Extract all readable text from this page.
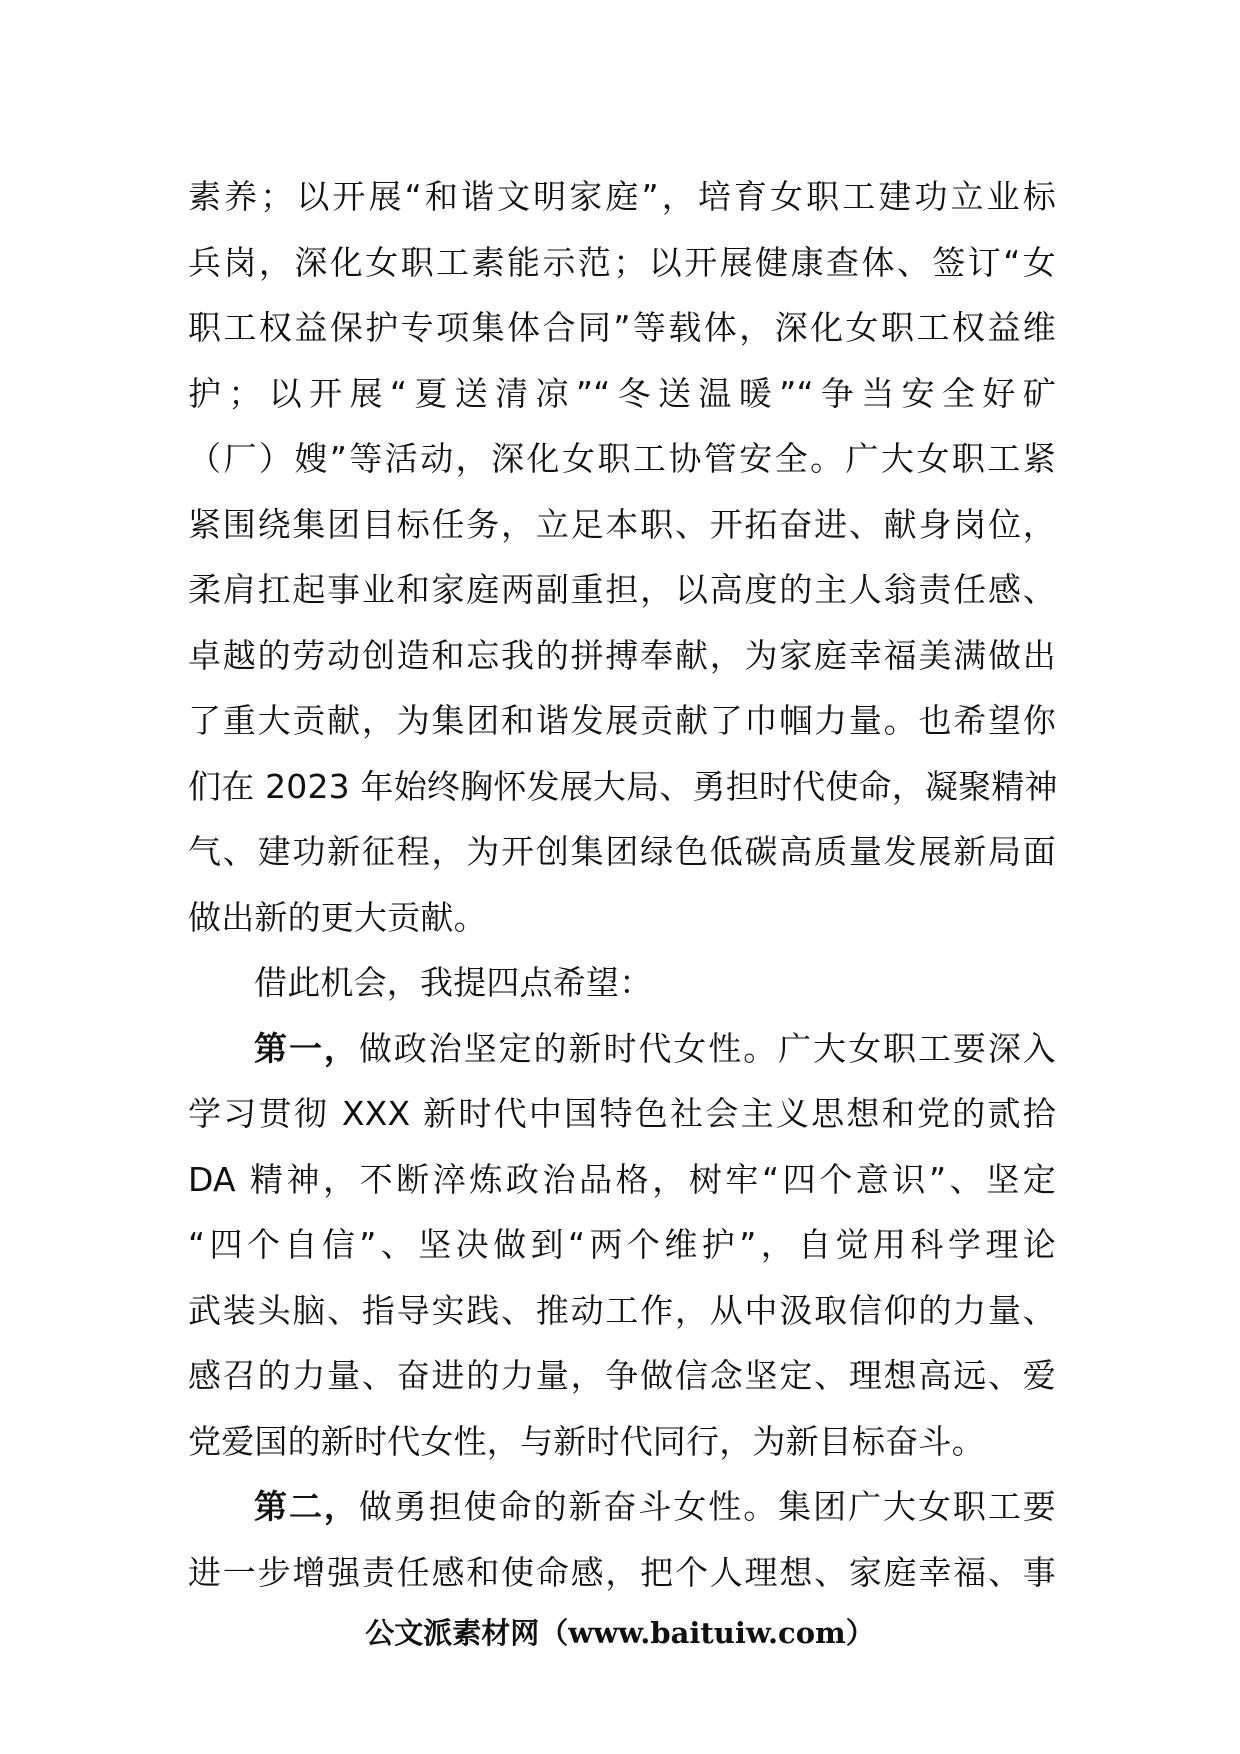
素养；以开展“和谐文明家庭”，培育女职工建功立业标
兵岗，深化女职工素能示范；以开展健康查体、签订“女
职工权益保护专项集体合同”等载体，深化女职工权益维
护；以开展“夏送清凉”“冬送温暖”“争当安全好矿
（厂）嫂”等活动，深化女职工协管安全。广大女职工紧
紧围绕集团目标任务，立足本职、开拓奋进、献身岗位，
柔肩扛起事业和家庭两副重担，以高度的主人翁责任感、
卓越的劳动创造和忘我的拼搏奉献，为家庭幸福美满做出
了重大贡献，为集团和谐发展贡献了巾帼力量。也希望你
们在 2023 年始终胸怀发展大局、勇担时代使命，凝聚精神
气、建功新征程，为开创集团绿色低碳高质量发展新局面
做出新的更大贡献。
借此机会，我提四点希望：
第一，做政治坚定的新时代女性。广大女职工要深入
学习贯彻 XXX 新时代中国特色社会主义思想和党的贰拾
DA 精神，不断淬炼政治品格，树牢“四个意识”、坚定
“四个自信”、坚决做到“两个维护”，自觉用科学理论
武装头脑、指导实践、推动工作，从中汲取信仰的力量、
感召的力量、奋进的力量，争做信念坚定、理想高远、爱
党爱国的新时代女性，与新时代同行，为新目标奋斗。
第二，做勇担使命的新奋斗女性。集团广大女职工要
进一步增强责任感和使命感，把个人理想、家庭幸福、事
公文派素材网（www.baituiw.com）
